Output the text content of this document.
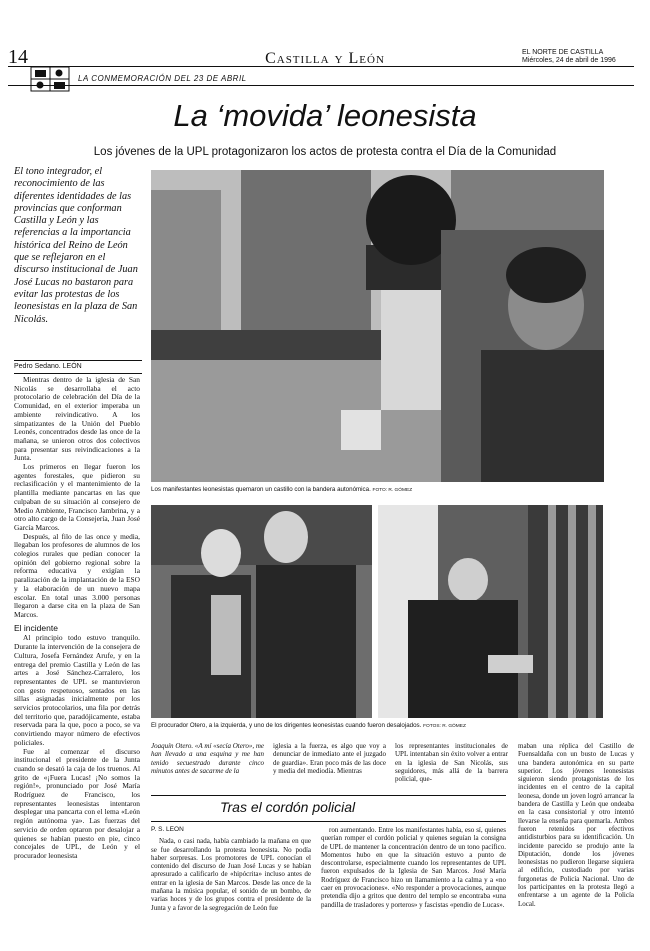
14	Castilla y León	EL NORTE DE CASTILLA
Miércoles, 24 de abril de 1996
LA CONMEMORACIÓN DEL 23 DE ABRIL
La ‘movida’ leonesista
Los jóvenes de la UPL protagonizaron los actos de protesta contra el Día de la Comunidad
El tono integrador, el reconocimiento de las diferentes identidades de las provincias que conforman Castilla y León y las referencias a la importancia histórica del Reino de León que se reflejaron en el discurso institucional de Juan José Lucas no bastaron para evitar las protestas de los leonesistas en la plaza de San Nicolás.
Pedro Sedano. LEÓN

Mientras dentro de la iglesia de San Nicolás se desarrollaba el acto protocolario de celebración del Día de la Comunidad, en el exterior imperaba un ambiente reivindicativo. A los simpatizantes de la Unión del Pueblo Leonés, concentrados desde las once de la mañana, se unieron otros dos colectivos para presentar sus reivindicaciones a la Junta.

Los primeros en llegar fueron los agentes forestales, que pidieron su reclasificación y el mantenimiento de la plantilla mediante pancartas en las que culpaban de su situación al consejero de Medio Ambiente, Francisco Jambrina, y a otro alto cargo de la Consejería, Juan José García Marcos.

Después, al filo de las once y media, llegaban los profesores de alumnos de los colegios rurales que pedían conocer la opinión del gobierno regional sobre la reforma educativa y exigían la paralización de la implantación de la ESO y la elaboración de un nuevo mapa escolar. En total unas 3.000 personas llegaron a darse cita en la plaza de San Marcos.

El incidente

Al principio todo estuvo tranquilo. Durante la intervención de la consejera de Cultura, Josefa Fernández Arufe, y en la entrega del premio Castilla y León de las artes a José Sánchez-Carralero, los representantes de UPL se mantuvieron con gesto respetuoso, sentados en las sillas asignadas inicialmente por los servicios protocolarios, una fila por detrás del territorio que, paradójicamente, estaba reservada para la que, poco a poco, se va convirtiendo mayor número de efectivos policiales.

Fue al comenzar el discurso institucional el presidente de la Junta cuando se desató la caja de los truenos. Al grito de «¡Fuera Lucas! ¡No somos la región!», pronunciado por José María Rodríguez de Francisco, los representantes leonesistas intentaron desplegar una pancarta con el lema «León región autónoma ya». Las fuerzas del servicio de orden optaron por desalojar a quienes se habían puesto en pie, cinco concejales de UPL, de León y el procurador leonesista

Los manifestantes leonesistas quemaron un castillo con la bandera autonómica. FOTO: R. GÓMEZ
El procurador Otero, a la izquierda, y uno de los dirigentes leonesistas cuando fueron desalojados. FOTOS: R. GÓMEZ
Joaquín Otero. «A mí «secía Otero», me han llevado a una esquina y me han tenido secuestrado durante cinco minutos antes de sacarme de la
iglesia a la fuerza, es algo que voy a denunciar de inmediato ante el juzgado de guardia». Eran poco más de las doce y media del mediodía. Mientras
los representantes institucionales de UPL intentaban sin éxito volver a entrar en la iglesia de San Nicolás, sus seguidores, más allá de la barrera policial, que-
maban una réplica del Castillo de Fuensaldaña con un busto de Lucas y una bandera autonómica en su parte superior. Los jóvenes leonesistas siguieron siendo protagonistas de los incidentes en el centro de la capital leonesa, donde un joven logró arrancar la bandera de Castilla y León que ondeaba en la casa consistorial y otro intentó llevarse la enseña para quemarla. Ambos fueron retenidos por efectivos antidisturbios para su identificación. Un incidente parecido se produjo ante la Diputación, donde los jóvenes leonesistas no pudieron llegarse siquiera al edificio, custodiado por varias furgonetas de Policía Nacional. Uno de los participantes en la protesta llegó a enfrentarse a un agente de la Policía Local.
Tras el cordón policial
P. S. LEÓN

Nada, o casi nada, había cambiado la mañana en que se fue desarrollando la protesta leonesista. No podía haber sorpresas. Los promotores de UPL conocían el contenido del discurso de Juan José Lucas y se habían apresurado a calificarlo de «hipócrita» incluso antes de entrar en la iglesia de San Marcos. Desde las once de la mañana la música popular, el sonido de un bombo, de varias hoces y de los grupos contra el presidente de la Junta y a favor de la segregación de León fue

ron aumentando. Entre los manifestantes había, eso sí, quienes querían romper el cordón policial y quienes seguían la consigna de UPL de mantener la concentración dentro de un tono pacífico. Momentos hubo en que la situación estuvo a punto de descontrolarse, especialmente cuando los representantes de UPL fueron expulsados de la Iglesia de San Marcos. José María Rodríguez de Francisco hizo un llamamiento a la calma y a «no caer en provocaciones». «No responder a provocaciones, aunque pretendía dijo a gritos que dentro del templo se encontraba «una pandilla de trasladores y porteros» y fascistas «pendio de Lucas».
